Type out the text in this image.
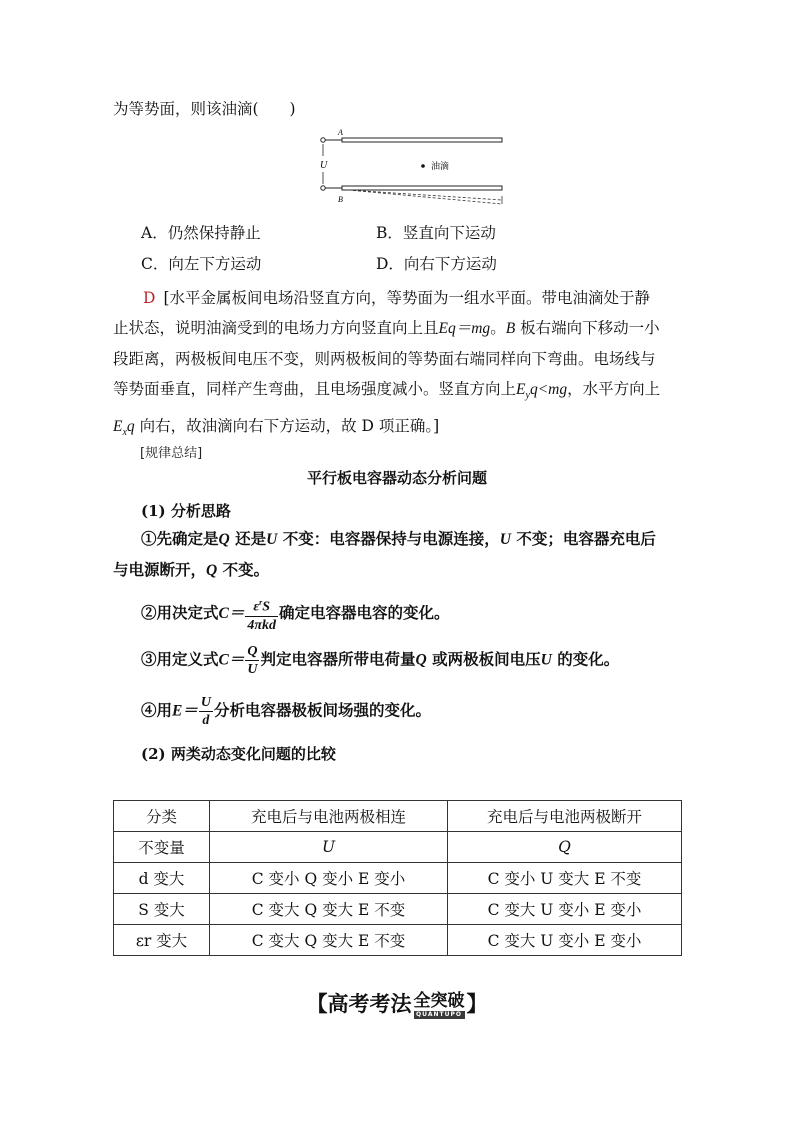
为等势面，则该油滴(　　)
U
A
B
油滴
A．仍然保持静止	B．竖直向下运动
C．向左下方运动	D．向右下方运动
D [水平金属板间电场沿竖直方向，等势面为一组水平面。带电油滴处于静
止状态，说明油滴受到的电场力方向竖直向上且Eq＝mg。B 板右端向下移动一小
段距离，两极板间电压不变，则两极板间的等势面右端同样向下弯曲。电场线与
等势面垂直，同样产生弯曲，且电场强度减小。竖直方向上$E_yq<mg$，水平方向上
$E_xq$ 向右，故油滴向右下方运动，故 D 项正确。]
[规律总结]
平行板电容器动态分析问题
(1) 分析思路
①先确定是Q 还是U 不变：电容器保持与电源连接，U 不变；电容器充电后
与电源断开，Q 不变。
②用决定式$C= \frac{\varepsilon^rS}{\text{4πkd}}$ 确定电容器电容的变化。
③用定义式$C= \frac{Q}{U}$ 判定电容器所带电荷量Q 或两极板间电压U 的变化。
④用$E= \frac{U}{d}$ 分析电容器极板间场强的变化。
(2) 两类动态变化问题的比较
分类	充电后与电池两极相连	充电后与电池两极断开
不变量	U	Q
d 变大	C 变小 Q 变小 E 变小	C 变小 U 变大 E 不变
S 变大	C 变大 Q 变大 E 不变	C 变大 U 变小 E 变小
εr 变大	C 变大 Q 变大 E 不变	C 变大 U 变小 E 变小
【高考考法 全突破
QUANTUPO 】
